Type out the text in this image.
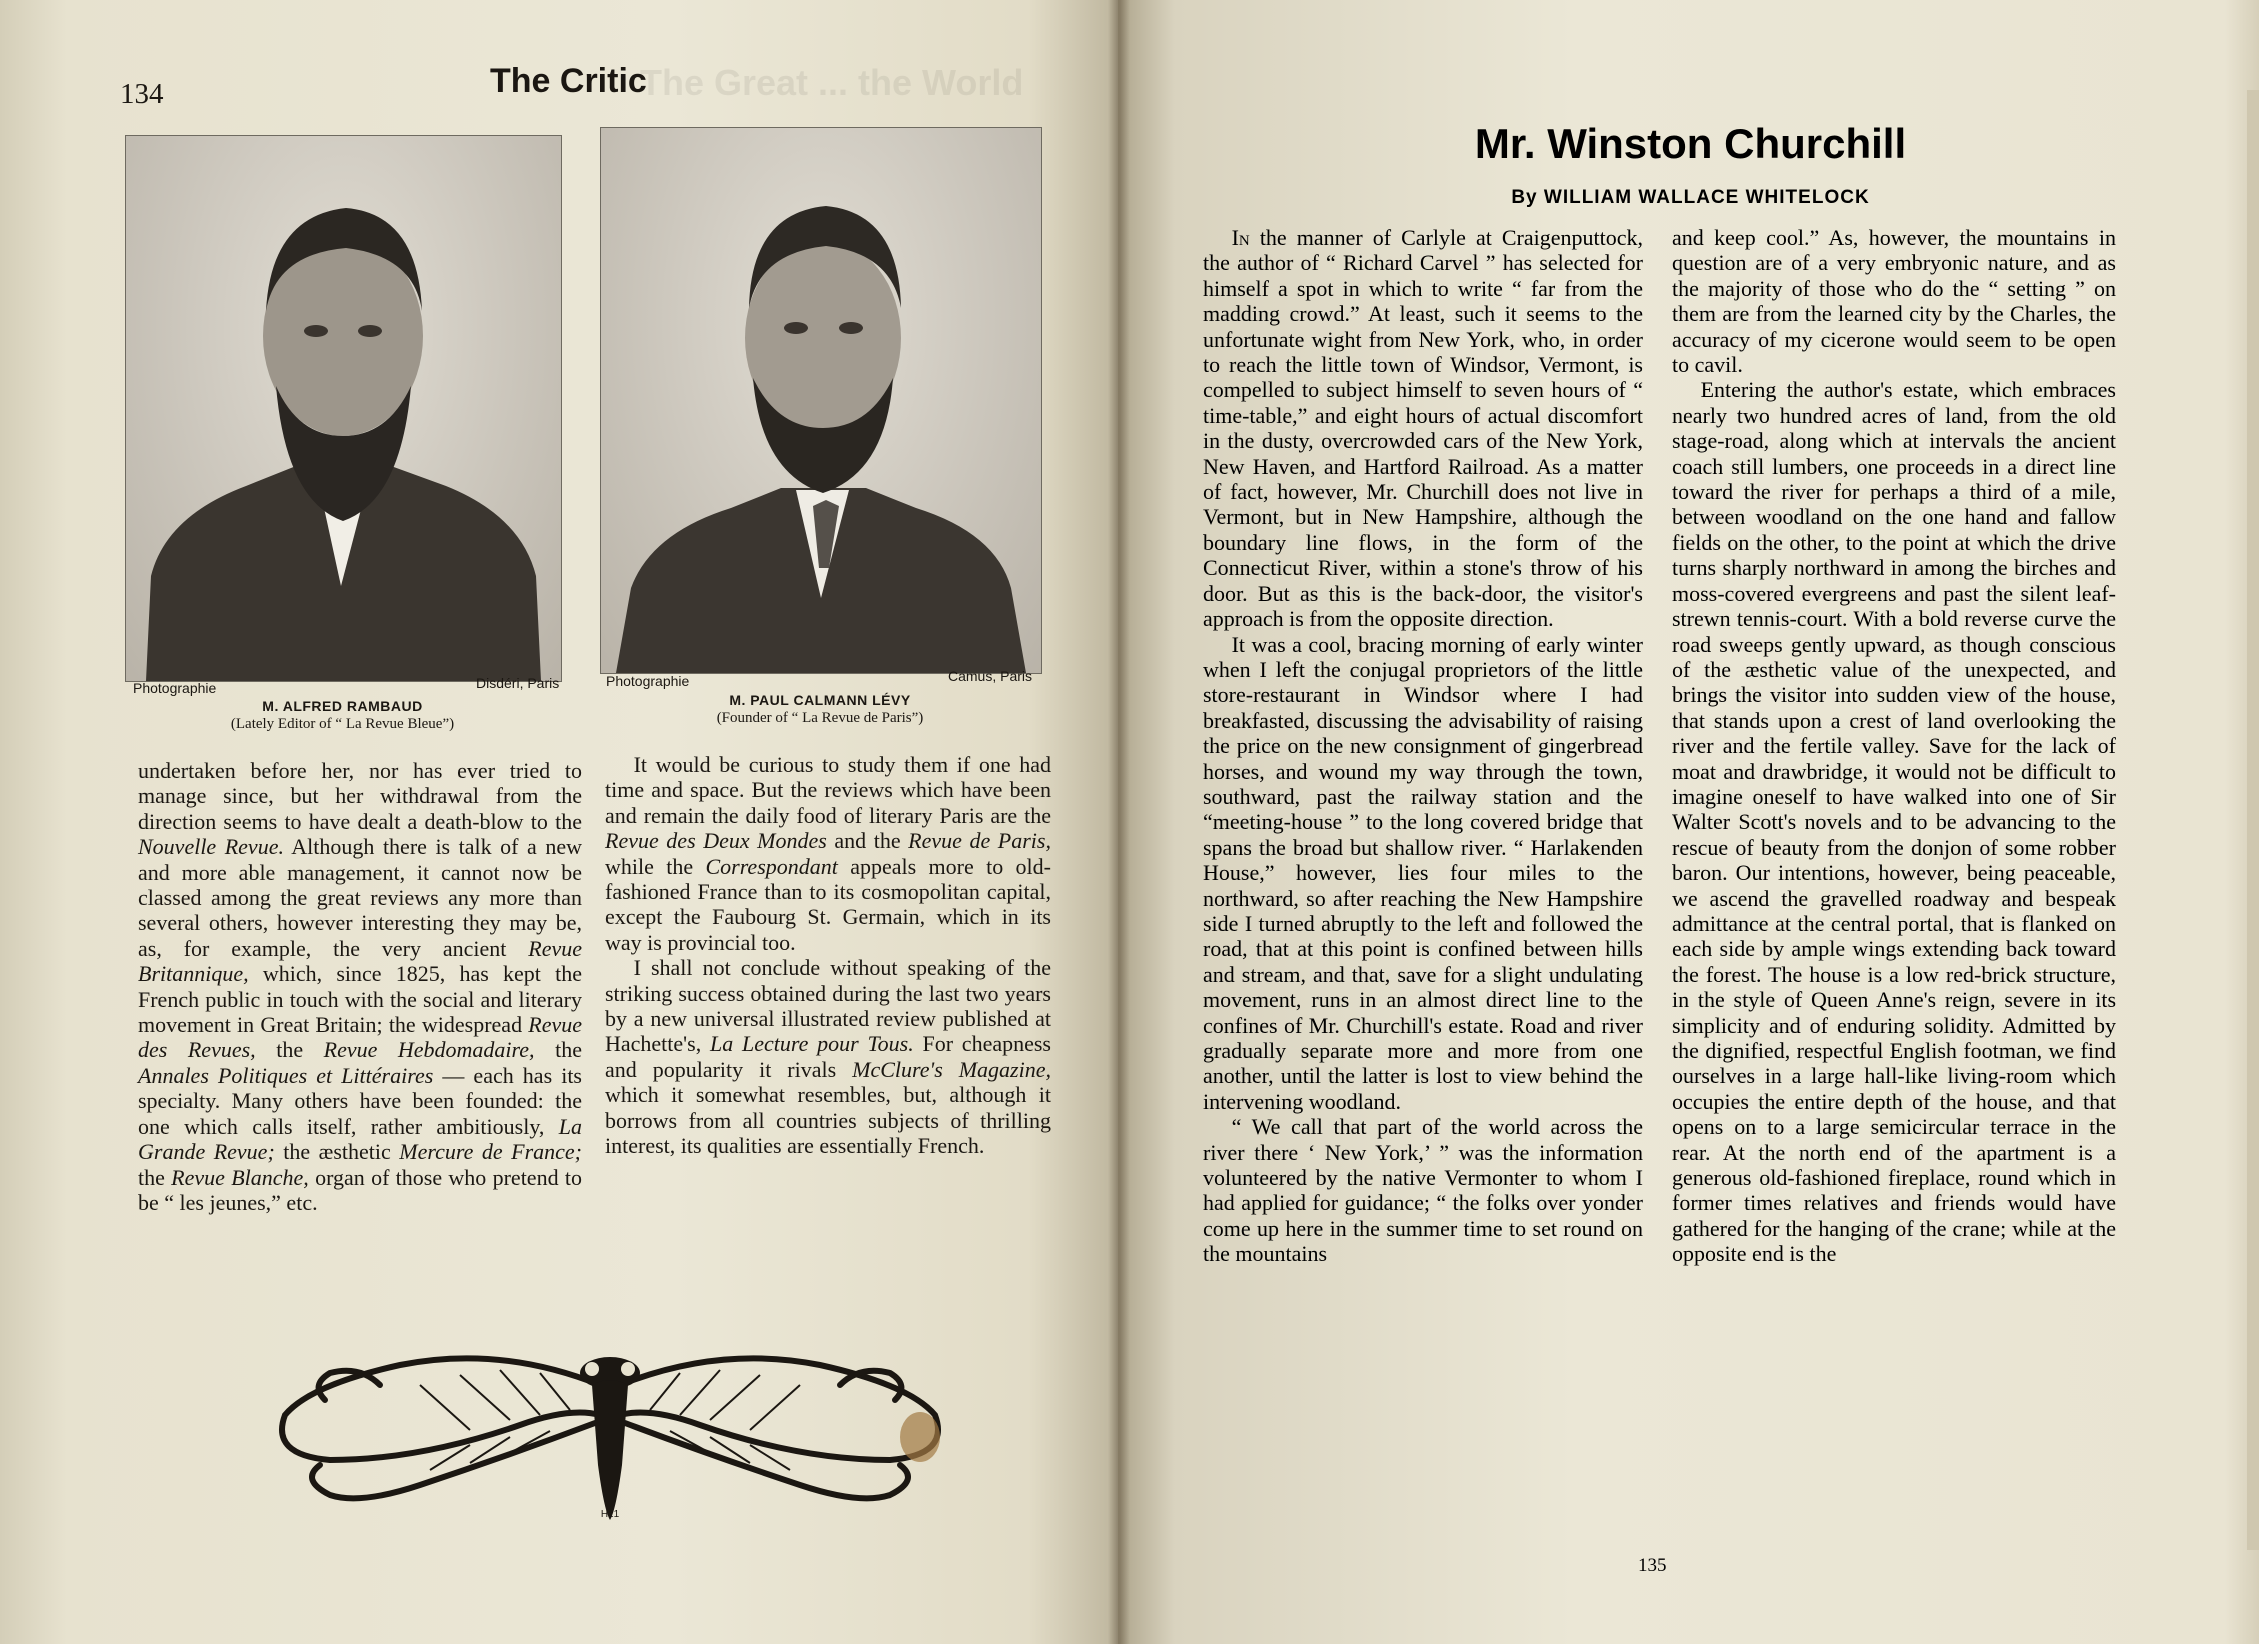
134	The Critic
The Great ... the World
Photographie	Disdéri, Paris
M. ALFRED RAMBAUD
(Lately Editor of “ La Revue Bleue”)
Photographie	Camus, Paris
M. PAUL CALMANN LÉVY
(Founder of “ La Revue de Paris”)

undertaken before her, nor has ever tried to manage since, but her withdrawal from the direction seems to have dealt a death-blow to the Nouvelle Revue. Although there is talk of a new and more able management, it cannot now be classed among the great reviews any more than several others, however interesting they may be, as, for example, the very ancient Revue Britannique, which, since 1825, has kept the French public in touch with the social and literary movement in Great Britain; the widespread Revue des Revues, the Revue Hebdomadaire, the Annales Politiques et Littéraires — each has its specialty. Many others have been founded: the one which calls itself, rather ambitiously, La Grande Revue; the æsthetic Mercure de France; the Revue Blanche, organ of those who pretend to be “ les jeunes,” etc.

It would be curious to study them if one had time and space. But the reviews which have been and remain the daily food of literary Paris are the Revue des Deux Mondes and the Revue de Paris, while the Correspondant appeals more to old-fashioned France than to its cosmopolitan capital, except the Faubourg St. Germain, which in its way is provincial too.

I shall not conclude without speaking of the striking success obtained during the last two years by a new universal illustrated review published at Hachette's, La Lecture pour Tous. For cheapness and popularity it rivals McClure's Magazine, which it somewhat resembles, but, although it borrows from all countries subjects of thrilling interest, its qualities are essentially French.

H21
Mr. Winston Churchill
By WILLIAM WALLACE WHITELOCK

In the manner of Carlyle at Craigenputtock, the author of “ Richard Carvel ” has selected for himself a spot in which to write “ far from the madding crowd.” At least, such it seems to the unfortunate wight from New York, who, in order to reach the little town of Windsor, Vermont, is compelled to subject himself to seven hours of “ time-table,” and eight hours of actual discomfort in the dusty, overcrowded cars of the New York, New Haven, and Hartford Railroad. As a matter of fact, however, Mr. Churchill does not live in Vermont, but in New Hampshire, although the boundary line flows, in the form of the Connecticut River, within a stone's throw of his door. But as this is the back-door, the visitor's approach is from the opposite direction.

It was a cool, bracing morning of early winter when I left the conjugal proprietors of the little store-restaurant in Windsor where I had breakfasted, discussing the advisability of raising the price on the new consignment of gingerbread horses, and wound my way through the town, southward, past the railway station and the “meeting-house ” to the long covered bridge that spans the broad but shallow river. “ Harlakenden House,” however, lies four miles to the northward, so after reaching the New Hampshire side I turned abruptly to the left and followed the road, that at this point is confined between hills and stream, and that, save for a slight undulating movement, runs in an almost direct line to the confines of Mr. Churchill's estate. Road and river gradually separate more and more from one another, until the latter is lost to view behind the intervening woodland.

“ We call that part of the world across the river there ‘ New York,’ ” was the information volunteered by the native Vermonter to whom I had applied for guidance; “ the folks over yonder come up here in the summer time to set round on the mountains

and keep cool.” As, however, the mountains in question are of a very embryonic nature, and as the majority of those who do the “ setting ” on them are from the learned city by the Charles, the accuracy of my cicerone would seem to be open to cavil.

Entering the author's estate, which embraces nearly two hundred acres of land, from the old stage-road, along which at intervals the ancient coach still lumbers, one proceeds in a direct line toward the river for perhaps a third of a mile, between woodland on the one hand and fallow fields on the other, to the point at which the drive turns sharply northward in among the birches and moss-covered evergreens and past the silent leaf-strewn tennis-court. With a bold reverse curve the road sweeps gently upward, as though conscious of the æsthetic value of the unexpected, and brings the visitor into sudden view of the house, that stands upon a crest of land overlooking the river and the fertile valley. Save for the lack of moat and drawbridge, it would not be difficult to imagine oneself to have walked into one of Sir Walter Scott's novels and to be advancing to the rescue of beauty from the donjon of some robber baron. Our intentions, however, being peaceable, we ascend the gravelled roadway and bespeak admittance at the central portal, that is flanked on each side by ample wings extending back toward the forest. The house is a low red-brick structure, in the style of Queen Anne's reign, severe in its simplicity and of enduring solidity. Admitted by the dignified, respectful English footman, we find ourselves in a large hall-like living-room which occupies the entire depth of the house, and that opens on to a large semicircular terrace in the rear. At the north end of the apartment is a generous old-fashioned fireplace, round which in former times relatives and friends would have gathered for the hanging of the crane; while at the opposite end is the

135
